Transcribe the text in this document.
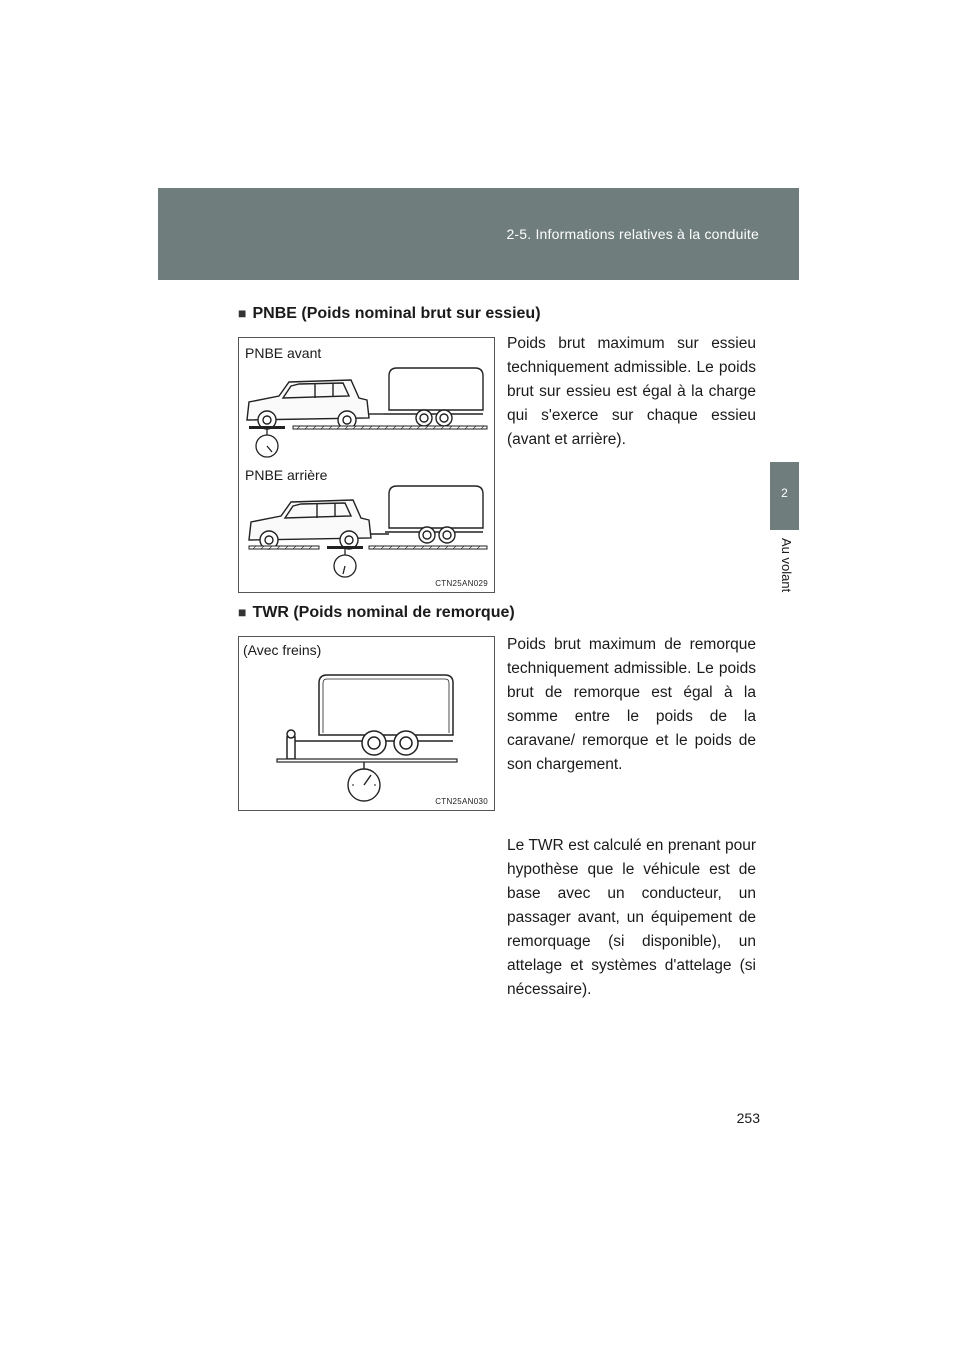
2-5. Informations relatives à la conduite
2
Au volant
■ PNBE (Poids nominal brut sur essieu)
PNBE avant
PNBE arrière
CTN25AN029

Poids brut maximum sur essieu techniquement admissible. Le poids brut sur essieu est égal à la charge qui s'exerce sur chaque essieu (avant et arrière).

■ TWR (Poids nominal de remorque)
(Avec freins)
CTN25AN030

Poids brut maximum de remorque techniquement admissible. Le poids brut de remorque est égal à la somme entre le poids de la caravane/ remorque et le poids de son chargement.

Le TWR est calculé en prenant pour hypothèse que le véhicule est de base avec un conducteur, un passager avant, un équipement de remorquage (si disponible), un attelage et systèmes d'attelage (si nécessaire).

253
